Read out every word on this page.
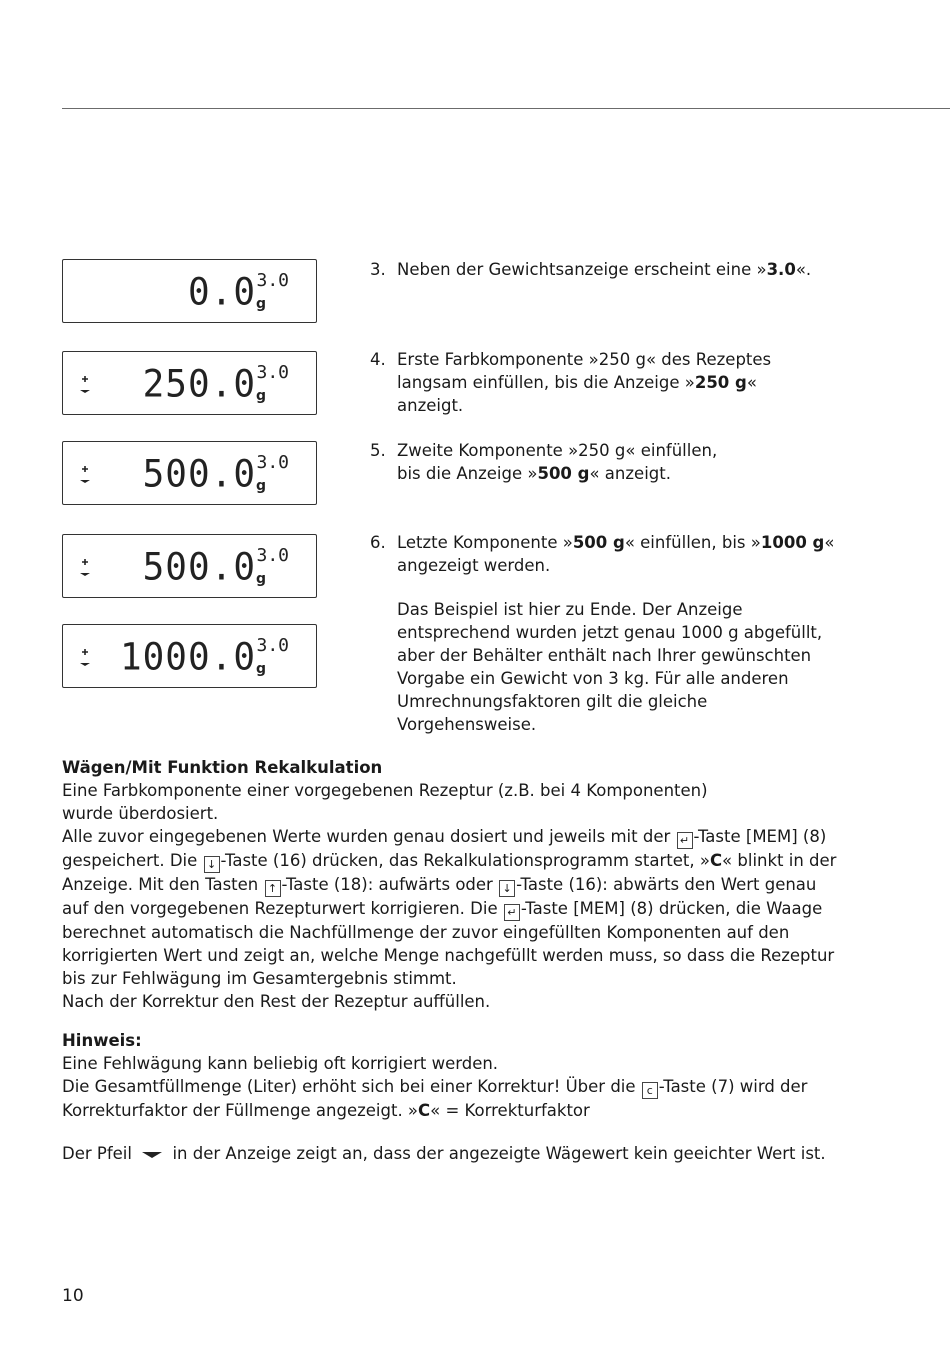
0.0 g
3.0
250.0 g
3.0
500.0 g
3.0
500.0 g
3.0
1000.0 g
3.0
3. Neben der Gewichtsanzeige erscheint eine »3.0«.
4. Erste Farbkomponente »250 g« des Rezeptes langsam einfüllen, bis die Anzeige »250 g« anzeigt.
5. Zweite Komponente »250 g« einfüllen, bis die Anzeige »500 g« anzeigt.
6. Letzte Komponente »500 g« einfüllen, bis »1000 g« angezeigt werden.
Das Beispiel ist hier zu Ende. Der Anzeige entsprechend wurden jetzt genau 1000 g abgefüllt, aber der Behälter enthält nach Ihrer gewünschten Vorgabe ein Gewicht von 3 kg. Für alle anderen Umrechnungsfaktoren gilt die gleiche Vorgehensweise.
Wägen/Mit Funktion Rekalkulation
Eine Farbkomponente einer vorgegebenen Rezeptur (z.B. bei 4 Komponenten) wurde überdosiert.
Alle zuvor eingegebenen Werte wurden genau dosiert und jeweils mit der ↵ -Taste [MEM] (8) gespeichert. Die ↓ -Taste (16) drücken, das Rekalkulationsprogramm startet, »C« blinkt in der Anzeige. Mit den Tasten ↑ -Taste (18): aufwärts oder ↓ -Taste (16): abwärts den Wert genau auf den vorgegebenen Rezepturwert korrigieren. Die ↵ -Taste [MEM] (8) drücken, die Waage berechnet automatisch die Nachfüllmenge der zuvor eingefüllten Komponenten auf den korrigierten Wert und zeigt an, welche Menge nachgefüllt werden muss, so dass die Rezeptur bis zur Fehlwägung im Gesamtergebnis stimmt.
Nach der Korrektur den Rest der Rezeptur auffüllen.
Hinweis:
Eine Fehlwägung kann beliebig oft korrigiert werden.
Die Gesamtfüllmenge (Liter) erhöht sich bei einer Korrektur! Über die c -Taste (7) wird der Korrekturfaktor der Füllmenge angezeigt. »C« = Korrekturfaktor
Der Pfeil  in der Anzeige zeigt an, dass der angezeigte Wägewert kein geeichter Wert ist.
10
